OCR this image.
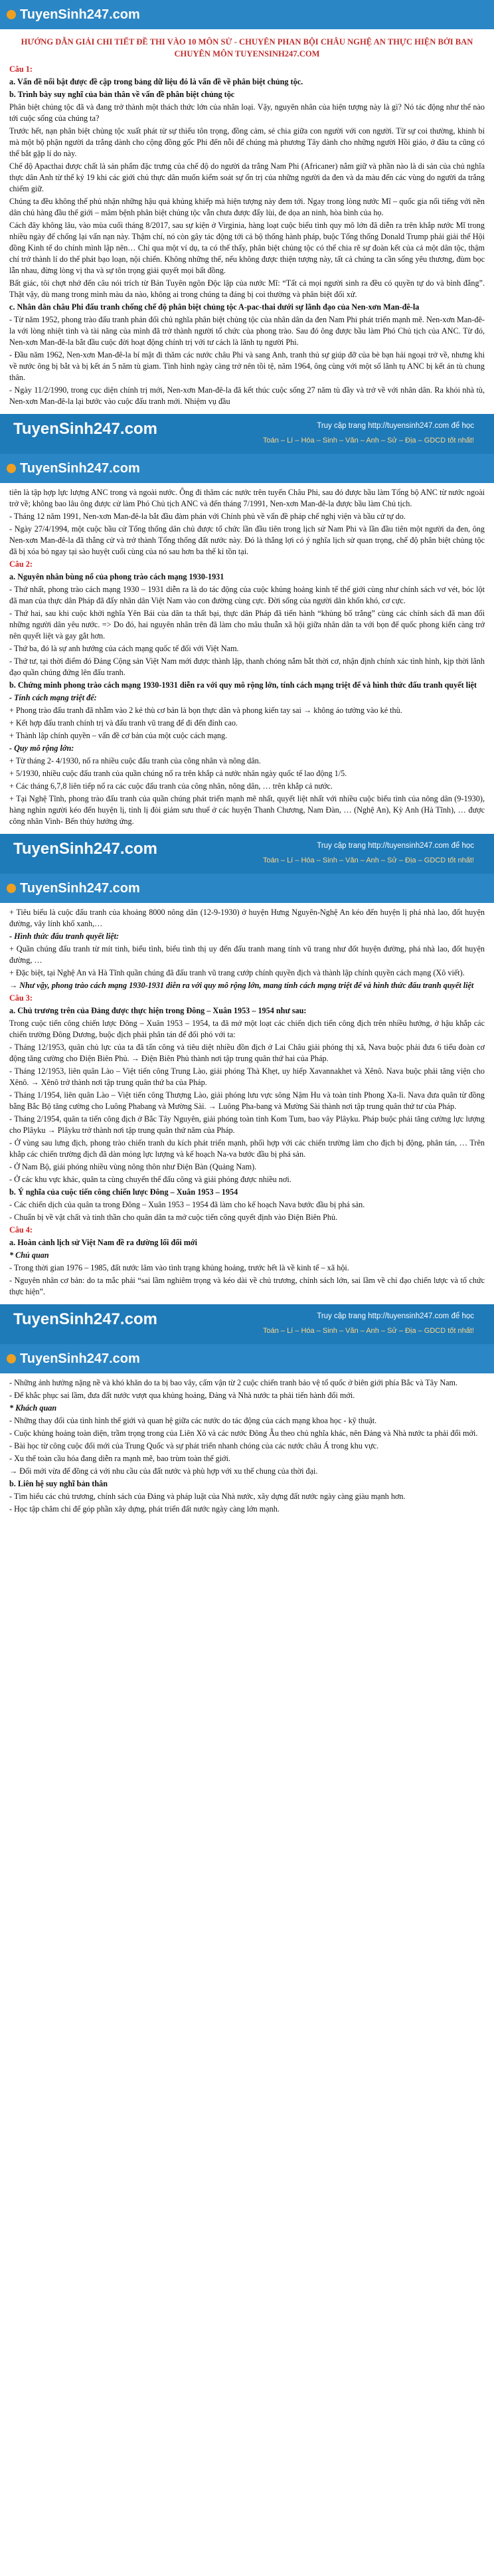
TuyenSinh247.com
HƯỚNG DẪN GIẢI CHI TIẾT ĐỀ THI VÀO 10 MÔN SỬ - CHUYÊN PHAN BỘI CHÂU NGHỆ AN THỰC HIỆN BỞI BAN CHUYÊN MÔN TUYENSINH247.COM
Câu 1:
a. Vấn đề nổi bật được đề cập trong bảng dữ liệu đó là vấn đề về phân biệt chủng tộc.
b. Trình bày suy nghĩ của bản thân về vấn đề phân biệt chủng tộc

Phân biệt chủng tộc đã và đang trở thành một thách thức lớn của nhân loại. Vậy, nguyên nhân của hiện tượng này là gì? Nó tác động như thế nào tới cuộc sống của chúng ta?

Trước hết, nạn phân biệt chủng tộc xuất phát từ sự thiếu tôn trọng, đồng cảm, sẻ chia giữa con người với con người. Từ sự coi thường, khinh bỉ mà một bộ phận người da trắng dành cho cộng đồng gốc Phi đến nỗi để chúng mà phương Tây dành cho những người Hồi giáo, ở đâu ta cũng có thể bắt gặp lí do này.

Chế độ Apacthai được chất là sản phẩm đặc trưng của chế độ do người da trắng Nam Phi (Africaner) nắm giữ và phần nào là di sản của chủ nghĩa thực dân Anh từ thế kỷ 19 khi các giới chủ thực dân muốn kiểm soát sự ổn trị của những người da đen và da màu đến các vùng do người da trắng chiếm giữ.

Chúng ta đều không thể phủ nhận những hậu quả khủng khiếp mà hiện tượng này đem tới. Ngay trong lòng nước Mĩ – quốc gia nổi tiếng với nền dân chủ hàng đầu thế giới – mâm bệnh phân biệt chủng tộc vẫn chưa được đẩy lùi, đe dọa an ninh, hòa bình của họ.

Cách đây không lâu, vào mùa cuối tháng 8/2017, sau sự kiện ở Virginia, hàng loạt cuộc biểu tình quy mô lớn đã diễn ra trên khắp nước Mĩ trong nhiều ngày để chống lại vấn nạn này. Thậm chí, nó còn gây tác động tới cả bộ thống hành pháp, buộc Tổng thống Donald Trump phải giải thể Hội đồng Kinh tế do chính mình lập nên… Chỉ qua một ví dụ, ta có thể thấy, phân biệt chủng tộc có thể chia rẽ sự đoàn kết của cả một dân tộc, thậm chí trở thành lí do thế phát bạo loạn, nội chiến. Không những thế, nếu không được thiện tượng này, tất cả chúng ta cần sống yêu thương, đùm bọc lẫn nhau, đừng lòng vị tha và sự tôn trọng giải quyết mọi bất đồng.

Bất giác, tôi chợt nhớ đến câu nói trích từ Bản Tuyên ngôn Độc lập của nước Mĩ: “Tất cả mọi người sinh ra đều có quyền tự do và bình đẳng”. Thật vậy, dù mang trong mình màu da nào, không ai trong chúng ta đáng bị coi thường và phân biệt đối xử.

c. Nhân dân châu Phi đấu tranh chống chế độ phân biệt chủng tộc A-pac-thai dưới sự lãnh đạo của Nen-xơn Man-đê-la

- Từ năm 1952, phong trào đấu tranh phản đối chủ nghĩa phân biệt chủng tộc của nhân dân da đen Nam Phi phát triển mạnh mẽ. Nen-xơn Man-đê-la với lòng nhiệt tình và tài năng của mình đã trở thành người tổ chức của phong trào. Sau đó ông được bầu làm Phó Chủ tịch của ANC. Từ đó, Nen-xơn Man-đê-la bắt đầu cuộc đời hoạt động chính trị với tư cách là lãnh tụ người Phi.

- Đầu năm 1962, Nen-xơn Man-đê-la bí mật đi thăm các nước châu Phi và sang Anh, tranh thủ sự giúp đỡ của bè bạn hải ngoại trở về, nhưng khi về nước ông bị bắt và bị kết án 5 năm tù giam. Tình hình ngày càng trở nên tồi tệ, năm 1964, ông cùng với một số lãnh tụ ANC bị kết án tù chung thân.

- Ngày 11/2/1990, trong cục diện chính trị mới, Nen-xơn Man-đê-la đã kết thúc cuộc sống 27 năm tù đầy và trở về với nhân dân. Ra khỏi nhà tù, Nen-xơn Man-đê-la lại bước vào cuộc đấu tranh mới. Nhiệm vụ đầu

TuyenSinh247.com	Truy cập trang http://tuyensinh247.com để học
Toán – Lí – Hóa – Sinh – Văn – Anh – Sử – Địa – GDCD tốt nhất!
TuyenSinh247.com

tiên là tập hợp lực lượng ANC trong và ngoài nước. Ông đi thăm các nước trên tuyến Châu Phi, sau đó được bầu làm Tổng bộ ANC từ nước ngoài trở về; không bao lâu ông được cử làm Phó Chủ tịch ANC và đến tháng 7/1991, Nen-xơn Man-đê-la được bầu làm Chủ tịch.

- Tháng 12 năm 1991, Nen-xơn Man-đê-la bắt đầu đàm phán với Chính phủ về vấn đề pháp chế nghị viện và bầu cử tự do.

- Ngày 27/4/1994, một cuộc bầu cử Tổng thống dân chủ được tổ chức lần đầu tiên trong lịch sử Nam Phi và lần đầu tiên một người da đen, ông Nen-xơn Man-đê-la đã thắng cử và trở thành Tổng thống đất nước này. Đó là thắng lợi có ý nghĩa lịch sử quan trọng, chế độ phân biệt chủng tộc đã bị xóa bỏ ngay tại sào huyệt cuối cùng của nó sau hơn ba thế kỉ tồn tại.

Câu 2:
a. Nguyên nhân bùng nổ của phong trào cách mạng 1930-1931

- Thứ nhất, phong trào cách mạng 1930 – 1931 diễn ra là do tác động của cuộc khủng hoảng kinh tế thế giới cùng như chính sách vơ vét, bóc lột đã man của thực dân Pháp đã đẩy nhân dân Việt Nam vào con đường cùng cực. Đời sống của người dân khốn khó, cơ cực.

- Thứ hai, sau khi cuộc khởi nghĩa Yên Bái của dân ta thất bại, thực dân Pháp đã tiến hành “khủng bố trắng” cùng các chính sách đã man đối những người dân yêu nước. => Do đó, hai nguyên nhân trên đã làm cho mâu thuẫn xã hội giữa nhân dân ta với bọn đế quốc phong kiến càng trở nên quyết liệt và gay gắt hơn.

- Thứ ba, đó là sự anh hướng của cách mạng quốc tế đối với Việt Nam.

- Thứ tư, tại thời điểm đó Đảng Cộng sản Việt Nam mới được thành lập, thanh chóng nắm bắt thời cơ, nhận định chính xác tình hình, kịp thời lãnh đạo quần chúng đứng lên đấu tranh.

b. Chứng minh phong trào cách mạng 1930-1931 diễn ra với quy mô rộng lớn, tính cách mạng triệt để và hình thức đấu tranh quyết liệt
- Tính cách mạng triệt để:

+ Phong trào đấu tranh đã nhằm vào 2 kẻ thù cơ bản là bọn thực dân và phong kiến tay sai → không áo tưởng vào kẻ thù.

+ Kết hợp đấu tranh chính trị và đấu tranh vũ trang để đi đến đỉnh cao.

+ Thành lập chính quyền – vấn đề cơ bản của một cuộc cách mạng.

- Quy mô rộng lớn:

+ Từ tháng 2- 4/1930, nổ ra nhiều cuộc đấu tranh của công nhân và nông dân.

+ 5/1930, nhiều cuộc đấu tranh của quần chúng nổ ra trên khắp cả nước nhân ngày quốc tế lao động 1/5.

+ Các tháng 6,7,8 liên tiếp nổ ra các cuộc đấu tranh của công nhân, nông dân, … trên khắp cả nước.

+ Tại Nghệ Tĩnh, phong trào đấu tranh của quần chúng phát triển mạnh mẽ nhất, quyết liệt nhất với nhiều cuộc biểu tình của nông dân (9-1930), hàng nghìn người kéo đến huyện lị, tỉnh lị đòi giảm sưu thuế ở các huyện Thanh Chương, Nam Đàn, … (Nghệ An), Kỳ Anh (Hà Tĩnh), … được công nhân Vinh- Bến thủy hưởng ứng.

TuyenSinh247.com	Truy cập trang http://tuyensinh247.com để học
Toán – Lí – Hóa – Sinh – Văn – Anh – Sử – Địa – GDCD tốt nhất!
TuyenSinh247.com

+ Tiêu biểu là cuộc đấu tranh của khoảng 8000 nông dân (12-9-1930) ở huyện Hưng Nguyên-Nghệ An kéo đến huyện lị phá nhà lao, đốt huyện đường, vây lính khố xanh,…

- Hình thức đấu tranh quyết liệt:

+ Quần chúng đấu tranh từ mít tinh, biểu tình, biểu tình thị uy đến đấu tranh mang tính vũ trang như đốt huyện đường, phá nhà lao, đốt huyện đường, …

+ Đặc biệt, tại Nghệ An và Hà Tĩnh quần chúng đã đấu tranh vũ trang cướp chính quyền địch và thành lập chính quyền cách mạng (Xô viết).

→ Như vậy, phong trào cách mạng 1930-1931 diễn ra với quy mô rộng lớn, mang tính cách mạng triệt để và hình thức đấu tranh quyết liệt
Câu 3:
a. Chủ trương trên của Đảng được thực hiện trong Đông – Xuân 1953 – 1954 như sau:

Trong cuộc tiến công chiến lược Đông – Xuân 1953 – 1954, ta đã mở một loạt các chiến dịch tiến công địch trên nhiều hướng, ở hậu khắp các chiến trường Đông Dương, buộc địch phải phân tán để đối phó với ta:

- Tháng 12/1953, quân chủ lực của ta đã tấn công và tiêu diệt nhiều đồn địch ở Lai Châu giải phóng thị xã, Nava buộc phải đưa 6 tiểu đoàn cơ động tăng cường cho Điện Biên Phủ. → Điện Biên Phủ thành nơi tập trung quân thứ hai của Pháp.

- Tháng 12/1953, liên quân Lào – Việt tiến công Trung Lào, giải phóng Thà Khẹt, uy hiếp Xavannakhet và Xênô. Nava buộc phải tăng viện cho Xênô. → Xênô trở thành nơi tập trung quân thứ ba của Pháp.

- Tháng 1/1954, liên quân Lào – Việt tiến công Thượng Lào, giải phóng lưu vực sông Nậm Hu và toàn tỉnh Phong Xa-lì. Nava đưa quân từ đồng bằng Bắc Bộ tăng cường cho Luông Phabang và Mường Sài. → Luông Pha-bang và Mường Sài thành nơi tập trung quân thứ tư của Pháp.

- Tháng 2/1954, quân ta tiến công địch ở Bắc Tây Nguyên, giải phóng toàn tỉnh Kom Tum, bao vây Plâyku. Pháp buộc phải tăng cường lực lượng cho Plâyku → Plâyku trở thành nơi tập trung quân thứ năm của Pháp.

- Ở vùng sau lưng địch, phong trào chiến tranh du kích phát triển mạnh, phối hợp với các chiến trường làm cho địch bị động, phân tán, … Trên khắp các chiến trường địch đã dàn mỏng lực lượng và kế hoạch Na-va bước đầu bị phá sản.

- Ở Nam Bộ, giải phóng nhiều vùng nông thôn như Điện Bàn (Quảng Nam).

- Ở các khu vực khác, quân ta cùng chuyển thế đấu công và giải phóng được nhiều nơi.

b. Ý nghĩa của cuộc tiến công chiến lược Đông – Xuân 1953 – 1954

- Các chiến dịch của quân ta trong Đông – Xuân 1953 – 1954 đã làm cho kế hoạch Nava bước đầu bị phá sản.

- Chuẩn bị về vật chất và tinh thần cho quân dân ta mở cuộc tiến công quyết định vào Điện Biên Phủ.

Câu 4:
a. Hoàn cảnh lịch sử Việt Nam đề ra đường lối đổi mới
* Chủ quan

- Trong thời gian 1976 – 1985, đất nước lâm vào tình trạng khủng hoảng, trước hết là về kinh tế – xã hội.

- Nguyên nhân cơ bản: do ta mắc phải “sai lầm nghiêm trọng và kéo dài về chủ trương, chính sách lớn, sai lầm về chỉ đạo chiến lược và tổ chức thực hiện”.

TuyenSinh247.com	Truy cập trang http://tuyensinh247.com để học
Toán – Lí – Hóa – Sinh – Văn – Anh – Sử – Địa – GDCD tốt nhất!
TuyenSinh247.com

- Những ảnh hưởng nặng nề và khó khăn do ta bị bao vây, cấm vận từ 2 cuộc chiến tranh bảo vệ tổ quốc ở biên giới phía Bắc và Tây Nam.

- Để khắc phục sai lầm, đưa đất nước vượt qua khủng hoảng, Đảng và Nhà nước ta phải tiến hành đổi mới.

* Khách quan

- Những thay đổi của tình hình thế giới và quan hệ giữa các nước do tác động của cách mạng khoa học - kỹ thuật.

- Cuộc khủng hoảng toàn diện, trầm trọng trong của Liên Xô và các nước Đông Âu theo chủ nghĩa khác, nên Đảng và Nhà nước ta phải đổi mới.

- Bài học từ công cuộc đổi mới của Trung Quốc và sự phát triển nhanh chóng của các nước châu Á trong khu vực.

- Xu thế toàn cầu hóa đang diễn ra mạnh mẽ, bao trùm toàn thế giới.

→ Đổi mới vừa để đồng cả với nhu cầu của đất nước và phù hợp với xu thế chung của thời đại.

b. Liên hệ suy nghĩ bản thân

- Tìm hiểu các chủ trương, chính sách của Đảng và pháp luật của Nhà nước, xây dựng đất nước ngày càng giàu mạnh hơn.

- Học tập chăm chỉ để góp phần xây dựng, phát triển đất nước ngày càng lớn mạnh.
